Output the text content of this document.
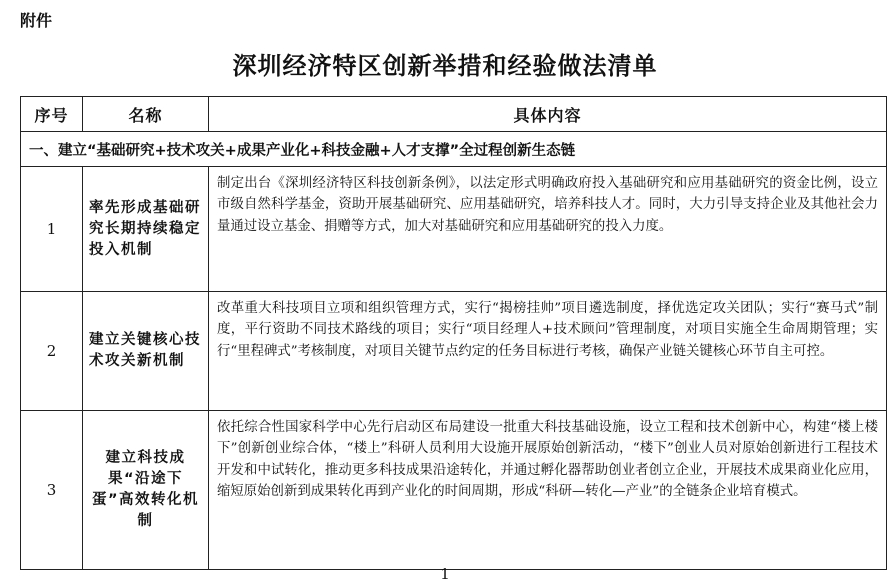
附件
深圳经济特区创新举措和经验做法清单
序号	名称	具体内容
一、建立“基础研究+技术攻关+成果产业化+科技金融+人才支撑”全过程创新生态链		
1	率先形成基础研究长期持续稳定投入机制	制定出台《深圳经济特区科技创新条例》，以法定形式明确政府投入基础研究和应用基础研究的资金比例，设立市级自然科学基金，资助开展基础研究、应用基础研究，培养科技人才。同时，大力引导支持企业及其他社会力量通过设立基金、捐赠等方式，加大对基础研究和应用基础研究的投入力度。
2	建立关键核心技术攻关新机制	改革重大科技项目立项和组织管理方式，实行“揭榜挂帅”项目遴选制度，择优选定攻关团队；实行“赛马式”制度，平行资助不同技术路线的项目；实行“项目经理人+技术顾问”管理制度，对项目实施全生命周期管理；实行“里程碑式”考核制度，对项目关键节点约定的任务目标进行考核，确保产业链关键核心环节自主可控。
3	建立科技成果“沿途下蛋”高效转化机制	依托综合性国家科学中心先行启动区布局建设一批重大科技基础设施，设立工程和技术创新中心，构建“楼上楼下”创新创业综合体，“楼上”科研人员利用大设施开展原始创新活动，“楼下”创业人员对原始创新进行工程技术开发和中试转化，推动更多科技成果沿途转化，并通过孵化器帮助创业者创立企业，开展技术成果商业化应用，缩短原始创新到成果转化再到产业化的时间周期，形成“科研—转化—产业”的全链条企业培育模式。
1
